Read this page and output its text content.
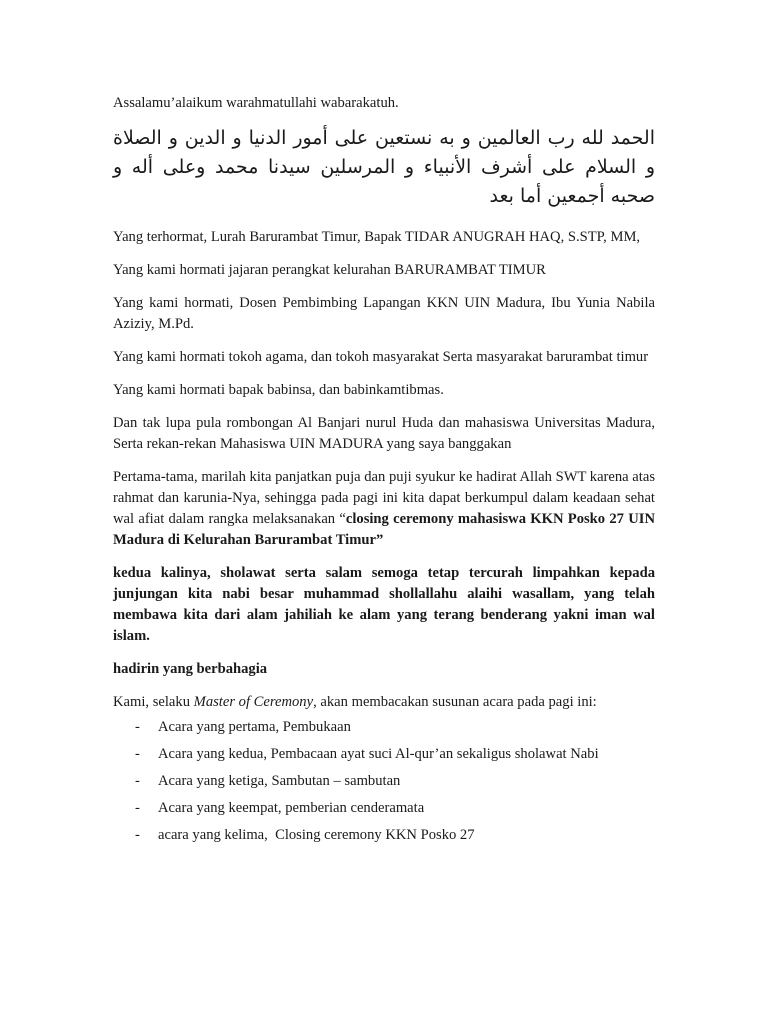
Assalamu’alaikum warahmatullahi wabarakatuh.

الحمد لله رب العالمين و به نستعين على أمور الدنيا و الدين و الصلاة و السلام على أشرف الأنبياء و المرسلين سيدنا محمد وعلى أله و صحبه أجمعين أما بعد

Yang terhormat, Lurah Barurambat Timur, Bapak TIDAR ANUGRAH HAQ, S.STP, MM,

Yang kami hormati jajaran perangkat kelurahan BARURAMBAT TIMUR

Yang kami hormati, Dosen Pembimbing Lapangan KKN UIN Madura, Ibu Yunia Nabila Aziziy, M.Pd.

Yang kami hormati tokoh agama, dan tokoh masyarakat Serta masyarakat barurambat timur

Yang kami hormati bapak babinsa, dan babinkamtibmas.

Dan tak lupa pula rombongan Al Banjari nurul Huda dan mahasiswa Universitas Madura, Serta rekan-rekan Mahasiswa UIN MADURA yang saya banggakan

Pertama-tama, marilah kita panjatkan puja dan puji syukur ke hadirat Allah SWT karena atas rahmat dan karunia-Nya, sehingga pada pagi ini kita dapat berkumpul dalam keadaan sehat wal afiat dalam rangka melaksanakan “closing ceremony mahasiswa KKN Posko 27 UIN Madura di Kelurahan Barurambat Timur”

kedua kalinya, sholawat serta salam semoga tetap tercurah limpahkan kepada junjungan kita nabi besar muhammad shollallahu alaihi wasallam, yang telah membawa kita dari alam jahiliah ke alam yang terang benderang yakni iman wal islam.

hadirin yang berbahagia

Kami, selaku Master of Ceremony, akan membacakan susunan acara pada pagi ini:

- Acara yang pertama, Pembukaan
- Acara yang kedua, Pembacaan ayat suci Al-qur’an sekaligus sholawat Nabi
- Acara yang ketiga, Sambutan – sambutan
- Acara yang keempat, pemberian cenderamata
- acara yang kelima,  Closing ceremony KKN Posko 27
